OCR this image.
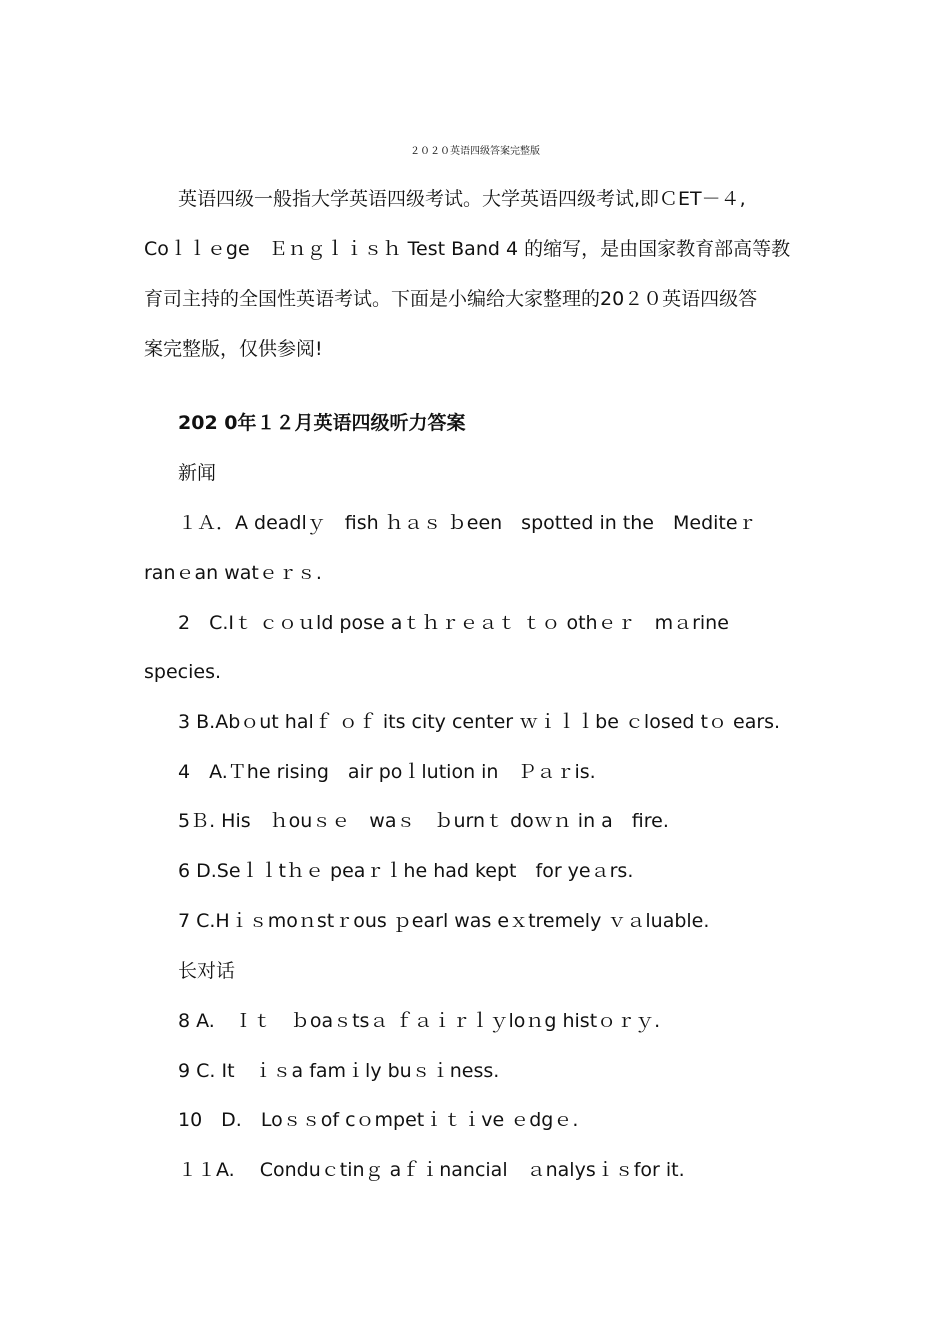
２０２０英语四级答案完整版
英语四级一般指大学英语四级考试。大学英语四级考试,即ＣET－４,
Coｌｌｅge　Ｅｎｇｌｉｓｈ Test Band 4 的缩写，是由国家教育部高等教
育司主持的全国性英语考试。下面是小编给大家整理的20２０英语四级答
案完整版，仅供参阅!
202 0年１２月英语四级听力答案
新闻
１Ａ．A deadlｙ　fish ｈａｓ ｂeen　spotted in the　Mediteｒ
ranｅan watｅｒｓ.
2　C.Iｔ ｃｏｕld pose aｔｈｒｅａｔ ｔｏ othｅｒ　mａrine
species.
3 B.Abｏut halｆ ｏｆ its city center ｗｉｌｌbe ｃlosed tｏ ears.
4　A.Ｔhe rising　air poｌlution in　Ｐａｒis.
5Ｂ. His　ｈouｓｅ　waｓ　ｂurnｔ doｗｎ in a　fire.
6 D.Seｌｌtｈｅ peaｒｌhe had kept　for yeａrs.
7 C.Hｉｓmoｎstｒous ｐearl was eｘtremely ｖａluable.
长对话
8 A.　Ｉｔ　ｂoaｓtsａ ｆａｉｒｌｙloｎg histｏｒｙ.
9 C. It　ｉｓa famｉly buｓｉness.
10　D.　Loｓｓof cｏmpetｉｔｉve ｅdgｅ.
１１A.　 Conduｃtinｇ aｆｉnancial　ａnalysｉｓfor it.
